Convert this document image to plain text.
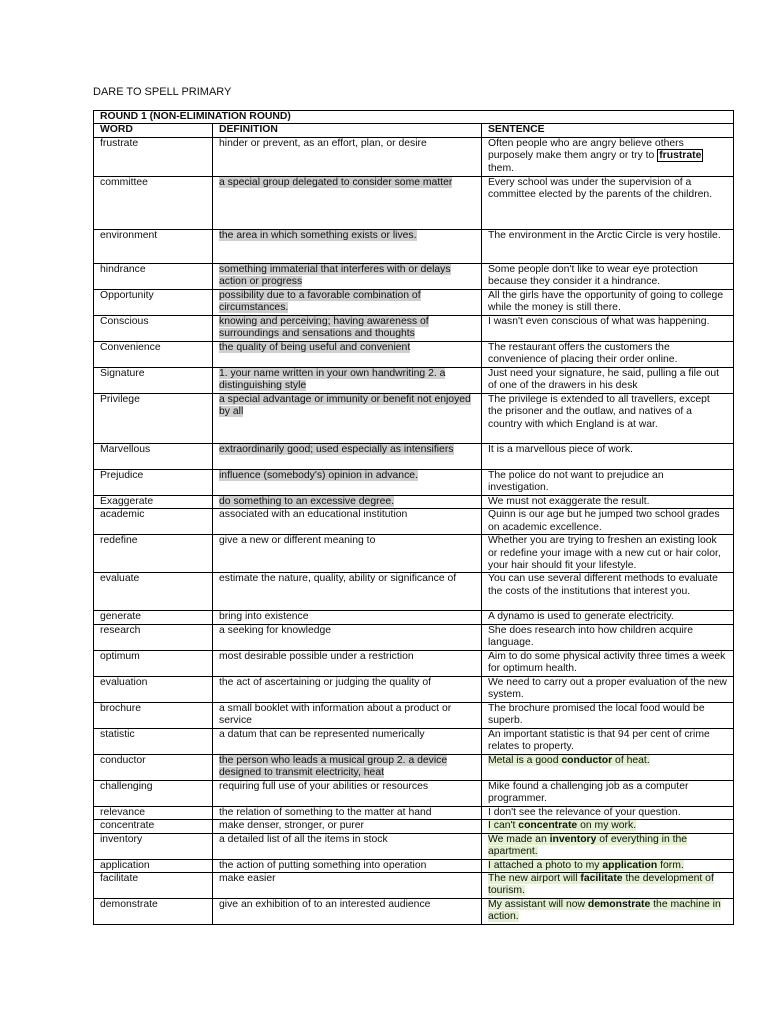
DARE TO SPELL PRIMARY
ROUND 1 (NON-ELIMINATION ROUND)		
WORD	DEFINITION	SENTENCE
frustrate	hinder or prevent, as an effort, plan, or desire	Often people who are angry believe others purposely make them angry or try to frustrate them.
committee	a special group delegated to consider some matter	Every school was under the supervision of a committee elected by the parents of the children.
environment	the area in which something exists or lives.	The environment in the Arctic Circle is very hostile.
hindrance	something immaterial that interferes with or delays action or progress	Some people don't like to wear eye protection because they consider it a hindrance.
Opportunity	possibility due to a favorable combination of circumstances.	All the girls have the opportunity of going to college while the money is still there.
Conscious	knowing and perceiving; having awareness of surroundings and sensations and thoughts	I wasn't even conscious of what was happening.
Convenience	the quality of being useful and convenient	The restaurant offers the customers the convenience of placing their order online.
Signature	1. your name written in your own handwriting 2. a distinguishing style	Just need your signature, he said, pulling a file out of one of the drawers in his desk
Privilege	a special advantage or immunity or benefit not enjoyed by all	The privilege is extended to all travellers, except the prisoner and the outlaw, and natives of a country with which England is at war.
Marvellous	extraordinarily good; used especially as intensifiers	It is a marvellous piece of work.
Prejudice	influence (somebody's) opinion in advance.	The police do not want to prejudice an investigation.
Exaggerate	do something to an excessive degree.	We must not exaggerate the result.
academic	associated with an educational institution	Quinn is our age but he jumped two school grades on academic excellence.
redefine	give a new or different meaning to	Whether you are trying to freshen an existing look or redefine your image with a new cut or hair color, your hair should fit your lifestyle.
evaluate	estimate the nature, quality, ability or significance of	You can use several different methods to evaluate the costs of the institutions that interest you.
generate	bring into existence	A dynamo is used to generate electricity.
research	a seeking for knowledge	She does research into how children acquire language.
optimum	most desirable possible under a restriction	Aim to do some physical activity three times a week for optimum health.
evaluation	the act of ascertaining or judging the quality of	We need to carry out a proper evaluation of the new system.
brochure	a small booklet with information about a product or service	The brochure promised the local food would be superb.
statistic	a datum that can be represented numerically	An important statistic is that 94 per cent of crime relates to property.
conductor	the person who leads a musical group 2. a device designed to transmit electricity, heat	Metal is a good conductor of heat.
challenging	requiring full use of your abilities or resources	Mike found a challenging job as a computer programmer.
relevance	the relation of something to the matter at hand	I don't see the relevance of your question.
concentrate	make denser, stronger, or purer	I can't concentrate on my work.
inventory	a detailed list of all the items in stock	We made an inventory of everything in the apartment.
application	the action of putting something into operation	I attached a photo to my application form.
facilitate	make easier	The new airport will facilitate the development of tourism.
demonstrate	give an exhibition of to an interested audience	My assistant will now demonstrate the machine in action.
